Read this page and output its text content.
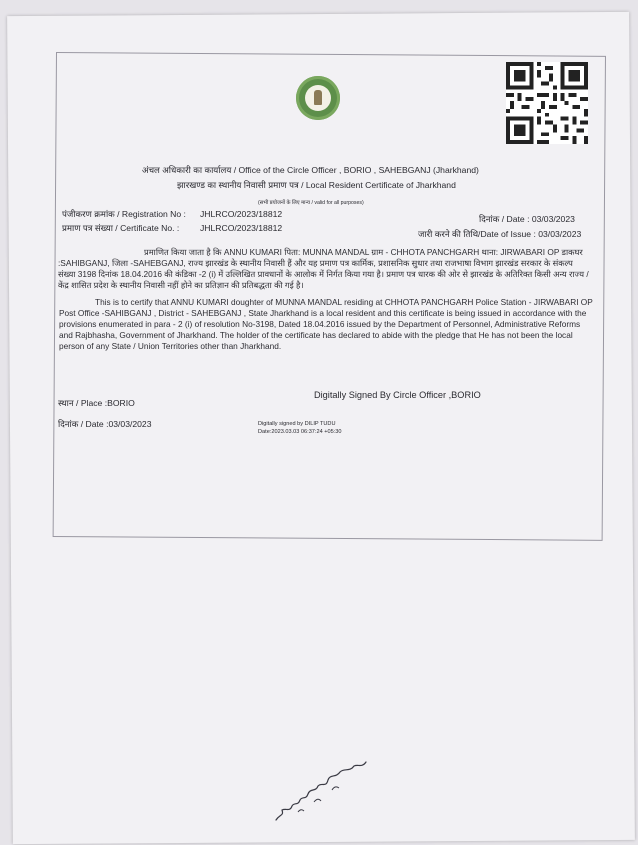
अंचल अधिकारी का कार्यालय / Office of the Circle Officer , BORIO , SAHEBGANJ (Jharkhand)
झारखण्ड का स्थानीय निवासी प्रमाण पत्र / Local Resident Certificate of Jharkhand
(सभी प्रयोजनों के लिए मान्य / valid for all purposes)
पंजीकरण क्रमांक / Registration No : JHLRCO/2023/18812
प्रमाण पत्र संख्या / Certificate No. : JHLRCO/2023/18812
दिनांक / Date : 03/03/2023
जारी करने की तिथि/Date of Issue : 03/03/2023
प्रमाणित किया जाता है कि ANNU KUMARI पिता: MUNNA MANDAL ग्राम - CHHOTA PANCHGARH थाना: JIRWABARI OP डाकघर
:SAHIBGANJ, जिला -SAHEBGANJ, राज्य झारखंड के स्थानीय निवासी हैं और यह प्रमाण पत्र कार्मिक, प्रशासनिक सुधार तथा राजभाषा विभाग झारखंड सरकार के संकल्प
संख्या 3198 दिनांक 18.04.2016 की कंडिका -2 (i) में उल्लिखित प्रावधानों के आलोक में निर्गत किया गया है। प्रमाण पत्र धारक की ओर से झारखंड के अतिरिक्त किसी अन्य राज्य /
केंद्र शासित प्रदेश के स्थानीय निवासी नहीं होने का प्रतिज्ञान की प्रतिबद्धता की गई है।
This is to certify that ANNU KUMARI doughter of MUNNA MANDAL residing at CHHOTA PANCHGARH Police Station - JIRWABARI OP
Post Office -SAHIBGANJ , District - SAHEBGANJ , State Jharkhand is a local resident and this certificate is being issued in accordance with the
provisions enumerated in para - 2 (i) of resolution No-3198, Dated 18.04.2016 issued by the Department of Personnel, Administrative Reforms
and Rajbhasha, Government of Jharkhand. The holder of the certificate has declared to abide with the pledge that He has not been the local
person of any State / Union Territories other than Jharkhand.
Digitally Signed By Circle Officer ,BORIO
स्थान / Place :BORIO
दिनांक / Date :03/03/2023	Digitally signed by DILIP TUDU
Date:2023.03.03 06:37:24 +05:30
